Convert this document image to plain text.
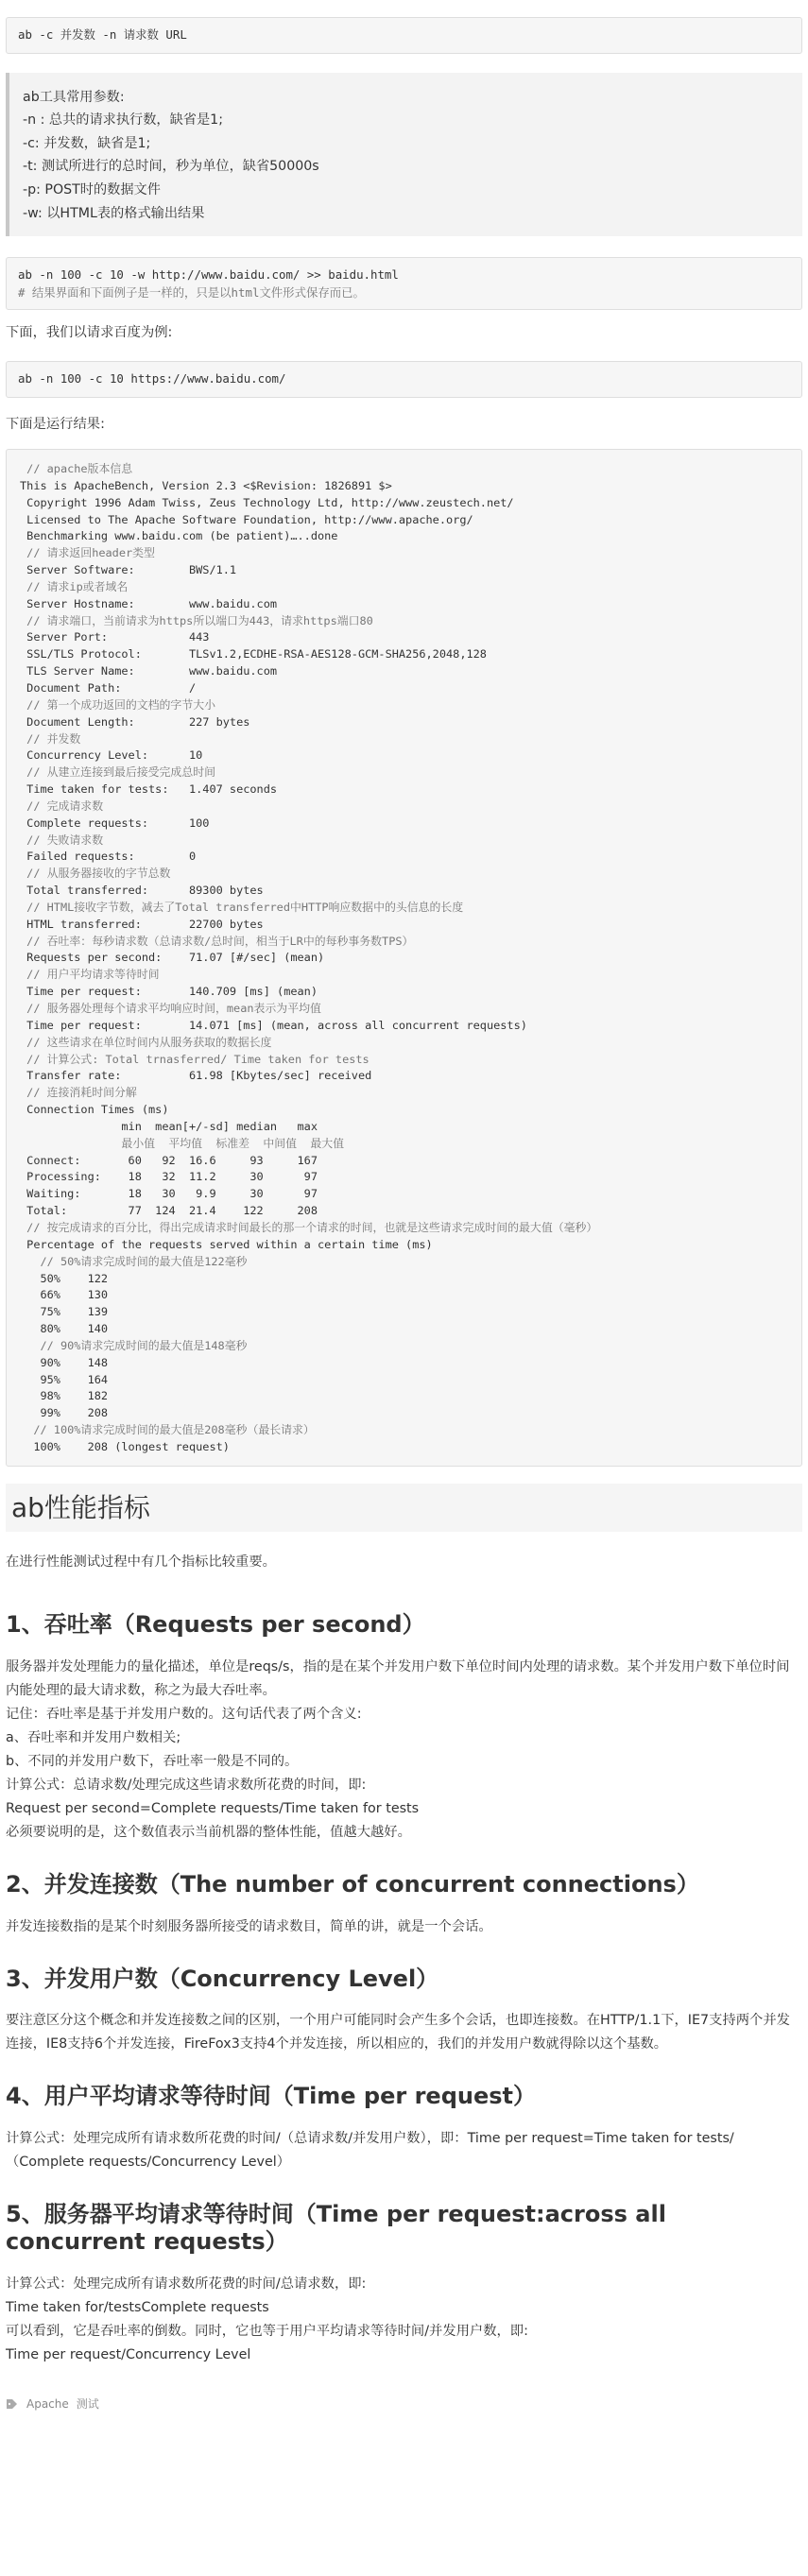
ab -c 并发数 -n 请求数 URL

ab工具常用参数:

-n : 总共的请求执行数，缺省是1;

-c: 并发数，缺省是1;

-t: 测试所进行的总时间，秒为单位，缺省50000s

-p: POST时的数据文件

-w: 以HTML表的格式输出结果

ab -n 100 -c 10 -w http://www.baidu.com/ >> baidu.html
# 结果界面和下面例子是一样的，只是以html文件形式保存而已。

下面，我们以请求百度为例:

ab -n 100 -c 10 https://www.baidu.com/

下面是运行结果:

// apache版本信息
This is ApacheBench, Version 2.3 <$Revision: 1826891 $>
Copyright 1996 Adam Twiss, Zeus Technology Ltd, http://www.zeustech.net/
Licensed to The Apache Software Foundation, http://www.apache.org/
Benchmarking www.baidu.com (be patient)…..done
// 请求返回header类型
Server Software:        BWS/1.1
// 请求ip或者域名
Server Hostname:        www.baidu.com
// 请求端口，当前请求为https所以端口为443，请求https端口80
Server Port:            443
SSL/TLS Protocol:       TLSv1.2,ECDHE-RSA-AES128-GCM-SHA256,2048,128
TLS Server Name:        www.baidu.com
Document Path:          /
// 第一个成功返回的文档的字节大小
Document Length:        227 bytes
// 并发数
Concurrency Level:      10
// 从建立连接到最后接受完成总时间
Time taken for tests:   1.407 seconds
// 完成请求数
Complete requests:      100
// 失败请求数
Failed requests:        0
// 从服务器接收的字节总数
Total transferred:      89300 bytes
// HTML接收字节数，减去了Total transferred中HTTP响应数据中的头信息的长度
HTML transferred:       22700 bytes
// 吞吐率：每秒请求数（总请求数/总时间，相当于LR中的每秒事务数TPS）
Requests per second:    71.07 [#/sec] (mean)
// 用户平均请求等待时间
Time per request:       140.709 [ms] (mean)
// 服务器处理每个请求平均响应时间，mean表示为平均值
Time per request:       14.071 [ms] (mean, across all concurrent requests)
// 这些请求在单位时间内从服务获取的数据长度
// 计算公式: Total trnasferred/ Time taken for tests
Transfer rate:          61.98 [Kbytes/sec] received
// 连接消耗时间分解
Connection Times (ms)
min  mean[+/-sd] median   max
最小值  平均值  标准差  中间值  最大值
Connect:       60   92  16.6     93     167
Processing:    18   32  11.2     30      97
Waiting:       18   30   9.9     30      97
Total:         77  124  21.4    122     208
// 按完成请求的百分比，得出完成请求时间最长的那一个请求的时间，也就是这些请求完成时间的最大值（毫秒）
Percentage of the requests served within a certain time (ms)
// 50%请求完成时间的最大值是122毫秒
50%    122
66%    130
75%    139
80%    140
// 90%请求完成时间的最大值是148毫秒
90%    148
95%    164
98%    182
99%    208
// 100%请求完成时间的最大值是208毫秒（最长请求）
100%    208 (longest request)
ab性能指标

在进行性能测试过程中有几个指标比较重要。

1、吞吐率（Requests per second）

服务器并发处理能力的量化描述，单位是reqs/s，指的是在某个并发用户数下单位时间内处理的请求数。某个并发用户数下单位时间内能处理的最大请求数，称之为最大吞吐率。

记住：吞吐率是基于并发用户数的。这句话代表了两个含义:

a、吞吐率和并发用户数相关;

b、不同的并发用户数下，吞吐率一般是不同的。

计算公式：总请求数/处理完成这些请求数所花费的时间，即:

Request per second=Complete requests/Time taken for tests

必须要说明的是，这个数值表示当前机器的整体性能，值越大越好。

2、并发连接数（The number of concurrent connections）

并发连接数指的是某个时刻服务器所接受的请求数目，简单的讲，就是一个会话。

3、并发用户数（Concurrency Level）

要注意区分这个概念和并发连接数之间的区别，一个用户可能同时会产生多个会话，也即连接数。在HTTP/1.1下，IE7支持两个并发连接，IE8支持6个并发连接，FireFox3支持4个并发连接，所以相应的，我们的并发用户数就得除以这个基数。

4、用户平均请求等待时间（Time per request）

计算公式：处理完成所有请求数所花费的时间/（总请求数/并发用户数），即：Time per request=Time taken for tests/（Complete requests/Concurrency Level）

5、服务器平均请求等待时间（Time per request:across all concurrent requests）

计算公式：处理完成所有请求数所花费的时间/总请求数，即:

Time taken for/testsComplete requests

可以看到，它是吞吐率的倒数。同时，它也等于用户平均请求等待时间/并发用户数，即:

Time per request/Concurrency Level

Apache 测试
